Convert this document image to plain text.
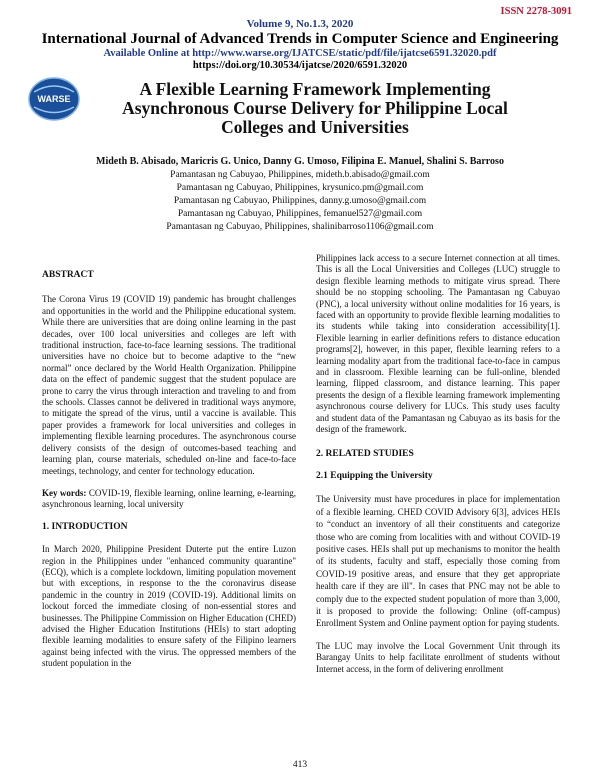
ISSN 2278-3091
Volume 9, No.1.3, 2020
International Journal of Advanced Trends in Computer Science and Engineering
Available Online at http://www.warse.org/IJATCSE/static/pdf/file/ijatcse6591.32020.pdf
https://doi.org/10.30534/ijatcse/2020/6591.32020
WARSE	A Flexible Learning Framework Implementing Asynchronous Course Delivery for Philippine Local Colleges and Universities
Mideth B. Abisado, Maricris G. Unico, Danny G. Umoso, Filipina E. Manuel, Shalini S. Barroso
Pamantasan ng Cabuyao, Philippines, mideth.b.abisado@gmail.com
Pamantasan ng Cabuyao, Philippines, krysunico.pm@gmail.com
Pamantasan ng Cabuyao, Philippines, danny.g.umoso@gmail.com
Pamantasan ng Cabuyao, Philippines, femanuel527@gmail.com
Pamantasan ng Cabuyao, Philippines, shalinibarroso1106@gmail.com

ABSTRACT

The Corona Virus 19 (COVID 19) pandemic has brought challenges and opportunities in the world and the Philippine educational system. While there are universities that are doing online learning in the past decades, over 100 local universities and colleges are left with traditional instruction, face-to-face learning sessions. The traditional universities have no choice but to become adaptive to the “new normal” once declared by the World Health Organization. Philippine data on the effect of pandemic suggest that the student populace are prone to carry the virus through interaction and traveling to and from the schools. Classes cannot be delivered in traditional ways anymore, to mitigate the spread of the virus, until a vaccine is available. This paper provides a framework for local universities and colleges in implementing flexible learning procedures. The asynchronous course delivery consists of the design of outcomes-based teaching and learning plan, course materials, scheduled on-line and face-to-face meetings, technology, and center for technology education.

Key words: COVID-19, flexible learning, online learning, e-learning, asynchronous learning, local university

1. INTRODUCTION

In March 2020, Philippine President Duterte put the entire Luzon region in the Philippines under "enhanced community quarantine" (ECQ), which is a complete lockdown, limiting population movement but with exceptions, in response to the the coronavirus disease pandemic in the country in 2019 (COVID-19). Additional limits on lockout forced the immediate closing of non-essential stores and businesses. The Philippine Commission on Higher Education (CHED) advised the Higher Education Institutions (HEIs) to start adopting flexible learning modalities to ensure safety of the Filipino learners against being infected with the virus. The oppressed members of the student population in the

Philippines lack access to a secure Internet connection at all times. This is all the Local Universities and Colleges (LUC) struggle to design flexible learning methods to mitigate virus spread. There should be no stopping schooling. The Pamantasan ng Cabuyao (PNC), a local university without online modalities for 16 years, is faced with an opportunity to provide flexible learning modalities to its students while taking into consideration accessibility[1]. Flexible learning in earlier definitions refers to distance education programs[2], however, in this paper, flexible learning refers to a learning modality apart from the traditional face-to-face in campus and in classroom. Flexible learning can be full-online, blended learning, flipped classroom, and distance learning. This paper presents the design of a flexible learning framework implementing asynchronous course delivery for LUCs. This study uses faculty and student data of the Pamantasan ng Cabuyao as its basis for the design of the framework.

2. RELATED STUDIES

2.1 Equipping the University

The University must have procedures in place for implementation of a flexible learning. CHED COVID Advisory 6[3], advices HEIs to “conduct an inventory of all their constituents and categorize those who are coming from localities with and without COVID-19 positive cases. HEIs shall put up mechanisms to monitor the health of its students, faculty and staff, especially those coming from COVID-19 positive areas, and ensure that they get appropriate health care if they are ill". In cases that PNC may not be able to comply due to the expected student population of more than 3,000, it is proposed to provide the following: Online (off-campus) Enrollment System and Online payment option for paying students.

The LUC may involve the Local Government Unit through its Barangay Units to help facilitate enrollment of students without Internet access, in the form of delivering enrollment

413
